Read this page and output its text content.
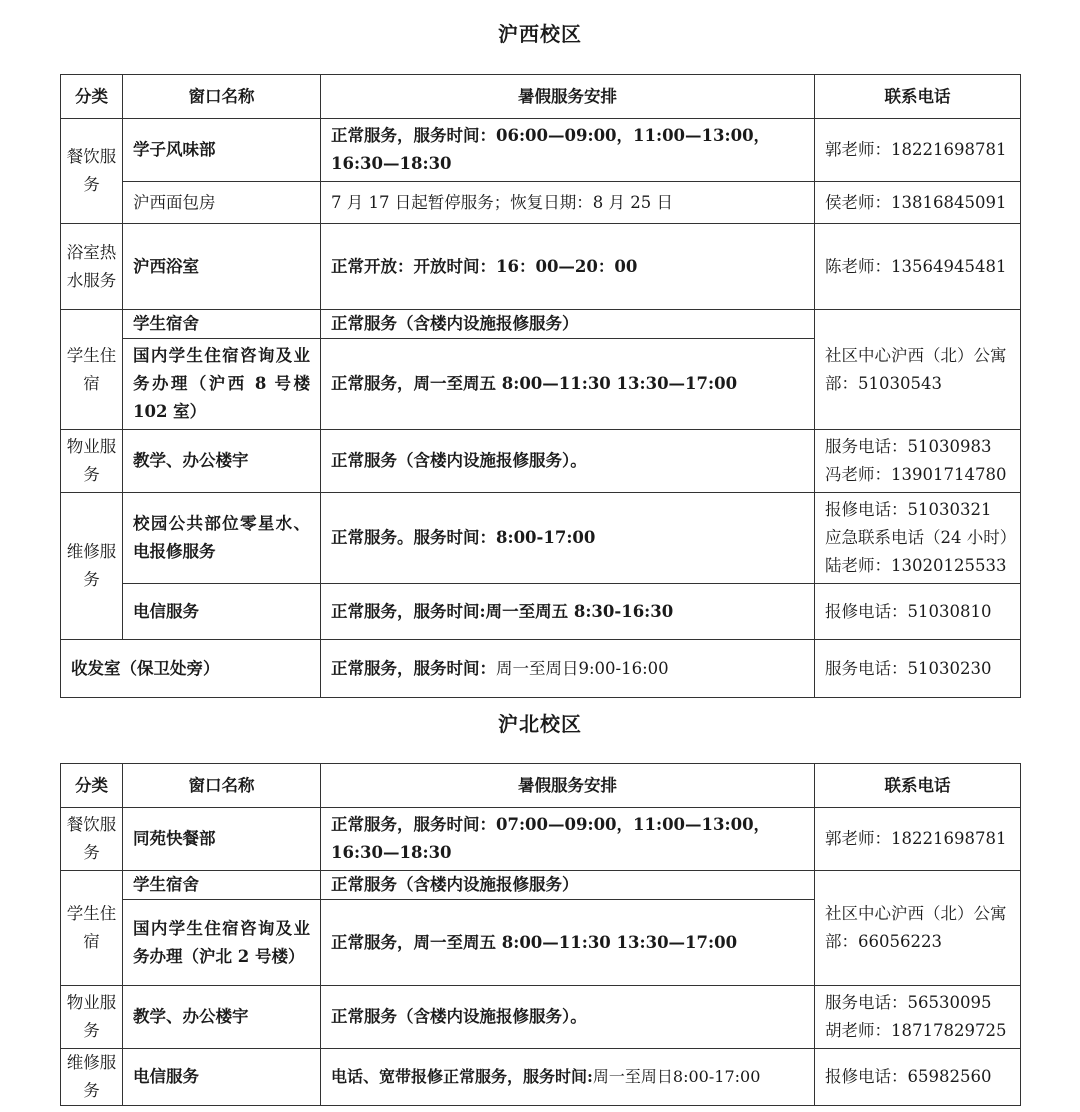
沪西校区
分类	窗口名称	暑假服务安排	联系电话
餐饮服务	学子风味部	正常服务，服务时间：06:00—09:00，11:00—13:00，16:30—18:30	郭老师：18221698781
	沪西面包房	7 月 17 日起暂停服务；恢复日期：8 月 25 日	侯老师：13816845091
浴室热水服务	沪西浴室	正常开放：开放时间：16：00—20：00	陈老师：13564945481
学生住宿	学生宿舍	正常服务（含楼内设施报修服务）	社区中心沪西（北）公寓部：51030543
	国内学生住宿咨询及业务办理（沪西 8 号楼 102 室）	正常服务，周一至周五 8:00—11:30 13:30—17:00	
物业服务	教学、办公楼宇	正常服务（含楼内设施报修服务）。	服务电话：51030983
冯老师：13901714780

维修服务	校园公共部位零星水、电报修服务	正常服务。服务时间：8:00-17:00	报修电话：51030321
应急联系电话（24 小时）
陆老师：13020125533

	电信服务	正常服务，服务时间:周一至周五 8:30-16:30	报修电话：51030810
收发室（保卫处旁）		正常服务，服务时间：周一至周日9:00-16:00	服务电话：51030230
沪北校区
分类	窗口名称	暑假服务安排	联系电话
餐饮服务	同苑快餐部	正常服务，服务时间：07:00—09:00，11:00—13:00，16:30—18:30	郭老师：18221698781
学生住宿	学生宿舍	正常服务（含楼内设施报修服务）	社区中心沪西（北）公寓部：66056223
	国内学生住宿咨询及业务办理（沪北 2 号楼）	正常服务，周一至周五 8:00—11:30 13:30—17:00	
物业服务	教学、办公楼宇	正常服务（含楼内设施报修服务）。	服务电话：56530095
胡老师：18717829725

维修服务	电信服务	电话、宽带报修正常服务，服务时间:周一至周日8:00-17:00	报修电话：65982560
